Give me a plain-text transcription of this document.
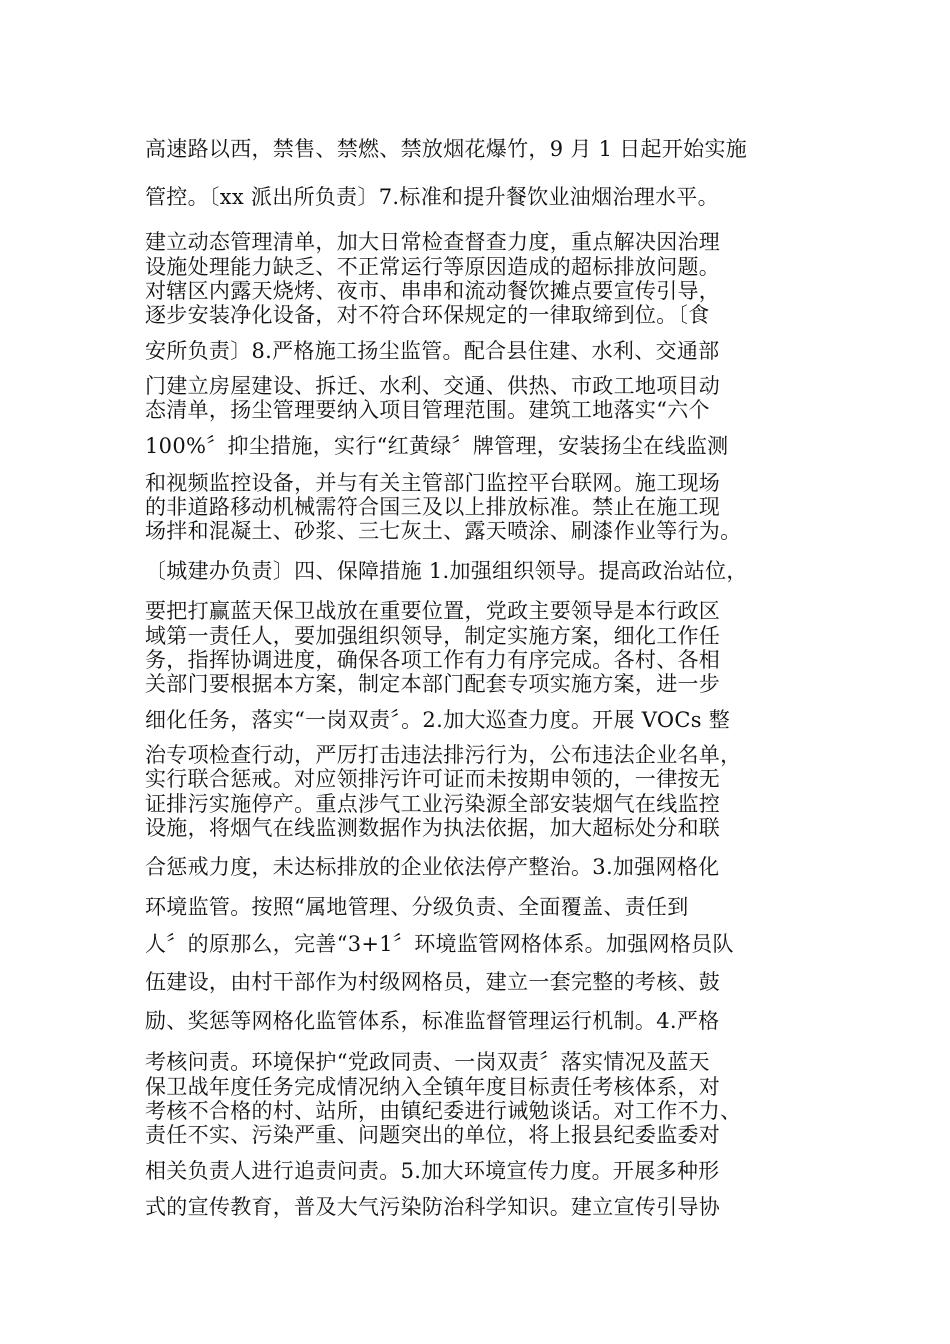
高速路以西，禁售、禁燃、禁放烟花爆竹，9 月 1 日起开始实施
管控。〔xx 派出所负责〕7.标准和提升餐饮业油烟治理水平。
建立动态管理清单，加大日常检查督查力度，重点解决因治理
设施处理能力缺乏、不正常运行等原因造成的超标排放问题。
对辖区内露天烧烤、夜市、串串和流动餐饮摊点要宣传引导，
逐步安装净化设备，对不符合环保规定的一律取缔到位。〔食
安所负责〕8.严格施工扬尘监管。配合县住建、水利、交通部
门建立房屋建设、拆迁、水利、交通、供热、市政工地项目动
态清单，扬尘管理要纳入项目管理范围。建筑工地落实“六个
100%〞抑尘措施，实行“红黄绿〞牌管理，安装扬尘在线监测
和视频监控设备，并与有关主管部门监控平台联网。施工现场
的非道路移动机械需符合国三及以上排放标准。禁止在施工现
场拌和混凝土、砂浆、三七灰土、露天喷涂、刷漆作业等行为。
〔城建办负责〕四、保障措施 1.加强组织领导。提高政治站位，
要把打赢蓝天保卫战放在重要位置，党政主要领导是本行政区
域第一责任人，要加强组织领导，制定实施方案，细化工作任
务，指挥协调进度，确保各项工作有力有序完成。各村、各相
关部门要根据本方案，制定本部门配套专项实施方案，进一步
细化任务，落实“一岗双责〞。2.加大巡查力度。开展 VOCs 整
治专项检查行动，严厉打击违法排污行为，公布违法企业名单，
实行联合惩戒。对应领排污许可证而未按期申领的，一律按无
证排污实施停产。重点涉气工业污染源全部安装烟气在线监控
设施，将烟气在线监测数据作为执法依据，加大超标处分和联
合惩戒力度，未达标排放的企业依法停产整治。3.加强网格化
环境监管。按照“属地管理、分级负责、全面覆盖、责任到
人〞的原那么，完善“3+1〞环境监管网格体系。加强网格员队
伍建设，由村干部作为村级网格员，建立一套完整的考核、鼓
励、奖惩等网格化监管体系，标准监督管理运行机制。4.严格
考核问责。环境保护“党政同责、一岗双责〞落实情况及蓝天
保卫战年度任务完成情况纳入全镇年度目标责任考核体系，对
考核不合格的村、站所，由镇纪委进行诫勉谈话。对工作不力、
责任不实、污染严重、问题突出的单位，将上报县纪委监委对
相关负责人进行追责问责。5.加大环境宣传力度。开展多种形
式的宣传教育，普及大气污染防治科学知识。建立宣传引导协
